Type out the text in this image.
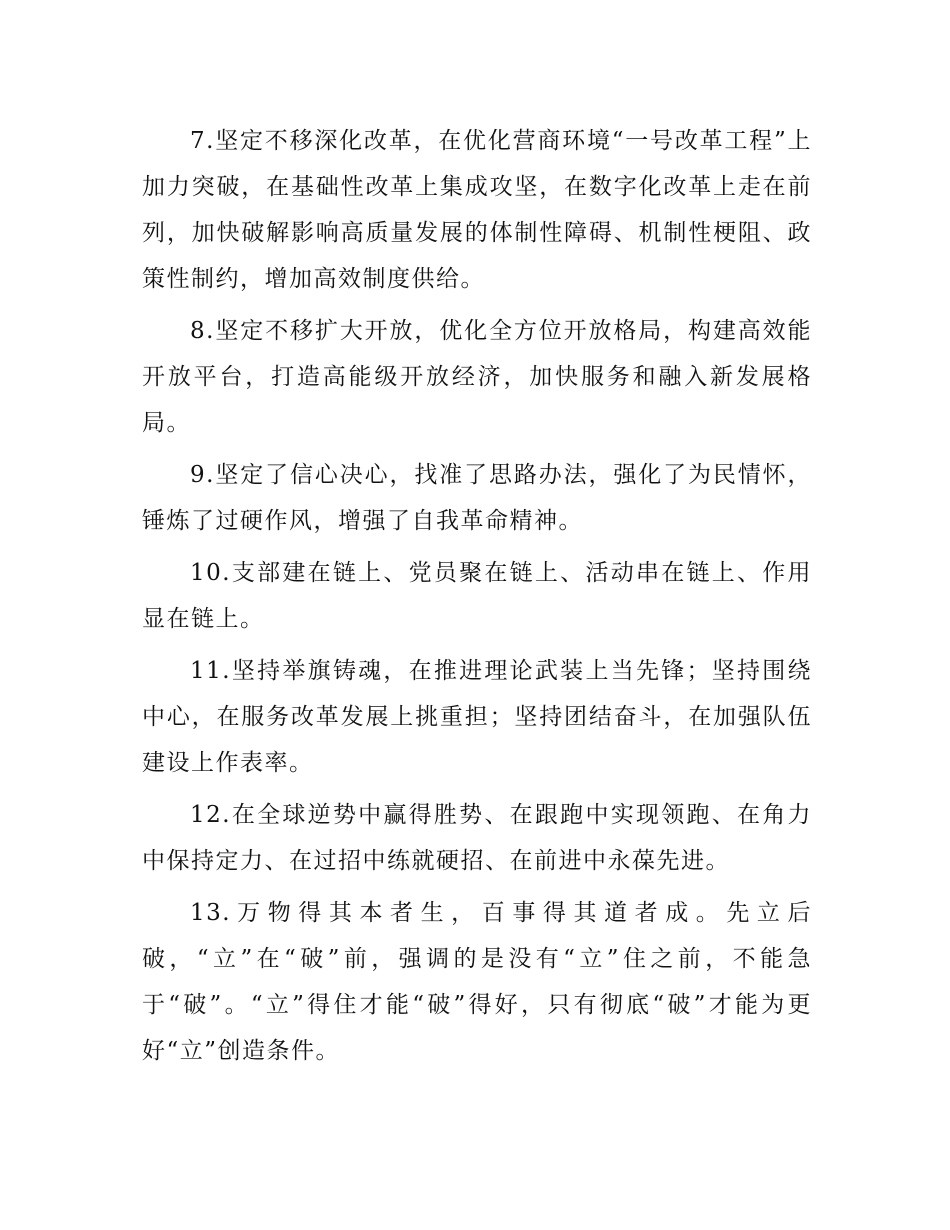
7.坚定不移深化改革，在优化营商环境“一号改革工程”上加力突破，在基础性改革上集成攻坚，在数字化改革上走在前列，加快破解影响高质量发展的体制性障碍、机制性梗阻、政策性制约，增加高效制度供给。

8.坚定不移扩大开放，优化全方位开放格局，构建高效能开放平台，打造高能级开放经济，加快服务和融入新发展格局。

9.坚定了信心决心，找准了思路办法，强化了为民情怀，锤炼了过硬作风，增强了自我革命精神。

10.支部建在链上、党员聚在链上、活动串在链上、作用显在链上。

11.坚持举旗铸魂，在推进理论武装上当先锋；坚持围绕中心，在服务改革发展上挑重担；坚持团结奋斗，在加强队伍建设上作表率。

12.在全球逆势中赢得胜势、在跟跑中实现领跑、在角力中保持定力、在过招中练就硬招、在前进中永葆先进。

13.万物得其本者生，百事得其道者成。先立后破，“立”在“破”前，强调的是没有“立”住之前，不能急于“破”。“立”得住才能“破”得好，只有彻底“破”才能为更好“立”创造条件。
